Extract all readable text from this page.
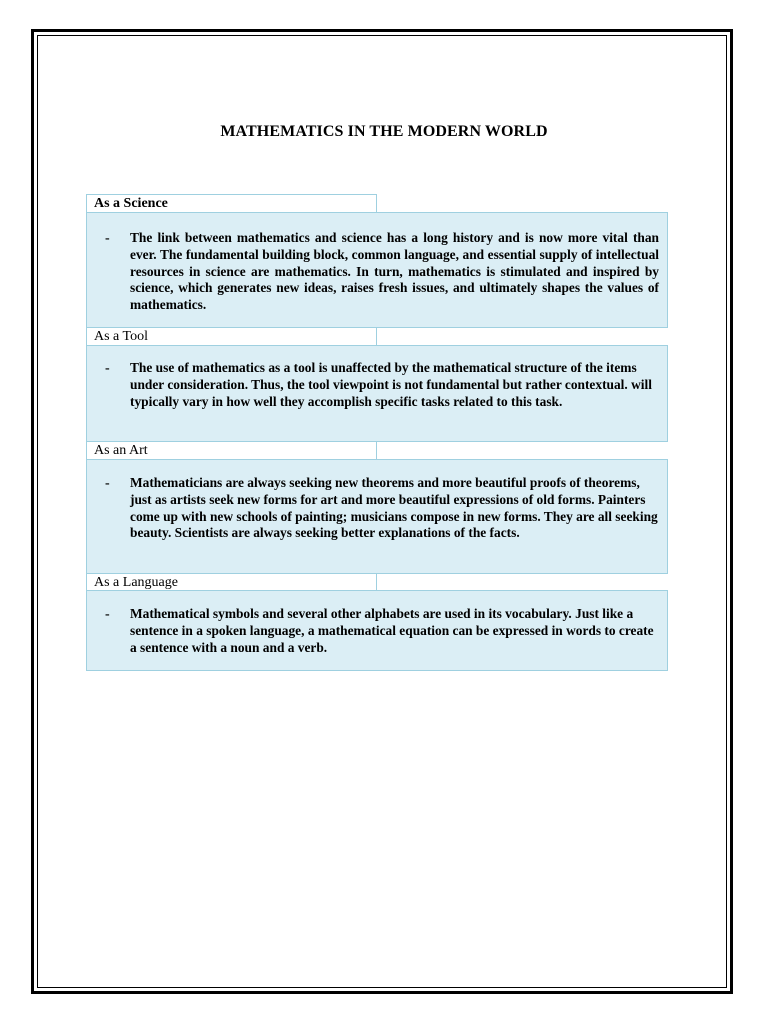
MATHEMATICS IN THE MODERN WORLD
As a Science
- The link between mathematics and science has a long history and is now more vital than ever. The fundamental building block, common language, and essential supply of intellectual resources in science are mathematics. In turn, mathematics is stimulated and inspired by science, which generates new ideas, raises fresh issues, and ultimately shapes the values of mathematics.
As a Tool
- The use of mathematics as a tool is unaffected by the mathematical structure of the items under consideration. Thus, the tool viewpoint is not fundamental but rather contextual. will typically vary in how well they accomplish specific tasks related to this task.
As an Art
- Mathematicians are always seeking new theorems and more beautiful proofs of theorems, just as artists seek new forms for art and more beautiful expressions of old forms. Painters come up with new schools of painting; musicians compose in new forms. They are all seeking beauty. Scientists are always seeking better explanations of the facts.
As a Language
- Mathematical symbols and several other alphabets are used in its vocabulary. Just like a sentence in a spoken language, a mathematical equation can be expressed in words to create a sentence with a noun and a verb.
